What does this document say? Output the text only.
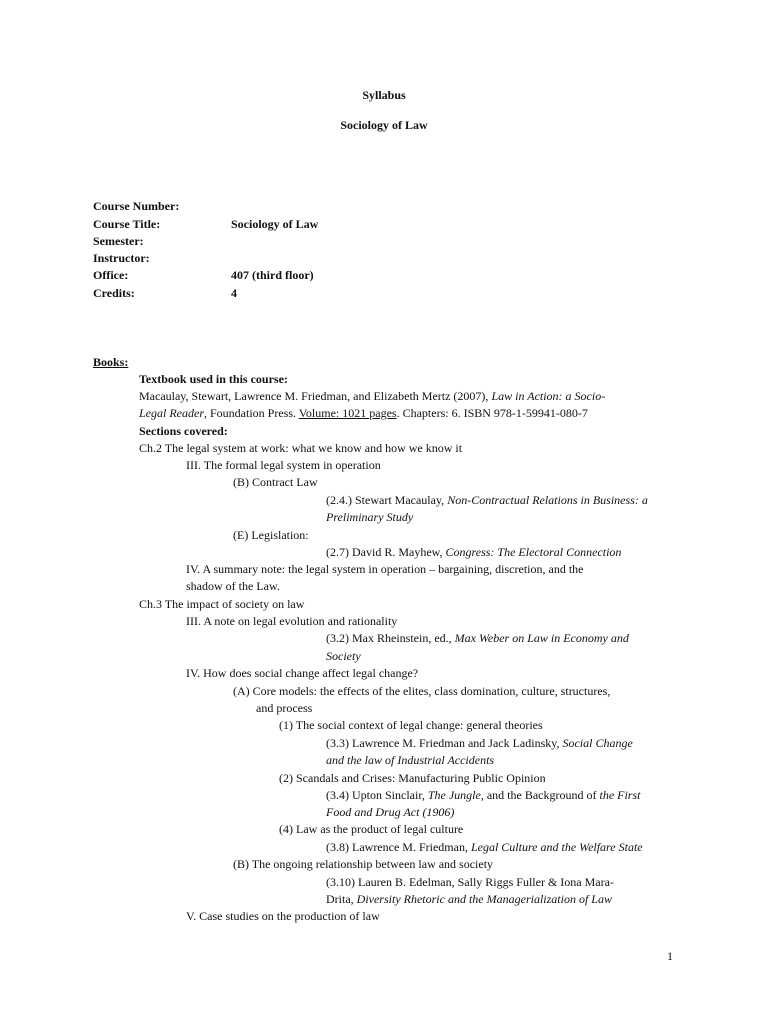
Syllabus
Sociology of Law
Course Number:
Course Title:	Sociology of Law
Semester:
Instructor:
Office:	407 (third floor)
Credits:	4
Books:
Textbook used in this course:
Macaulay, Stewart, Lawrence M. Friedman, and Elizabeth Mertz (2007), Law in Action: a Socio-
Legal Reader, Foundation Press. Volume: 1021 pages. Chapters: 6. ISBN 978-1-59941-080-7
Sections covered:
Ch.2 The legal system at work: what we know and how we know it
III. The formal legal system in operation
(B) Contract Law
(2.4.) Stewart Macaulay, Non-Contractual Relations in Business: a
Preliminary Study
(E) Legislation:
(2.7) David R. Mayhew, Congress: The Electoral Connection
IV. A summary note: the legal system in operation – bargaining, discretion, and the
shadow of the Law.
Ch.3 The impact of society on law
III. A note on legal evolution and rationality
(3.2) Max Rheinstein, ed., Max Weber on Law in Economy and
Society
IV. How does social change affect legal change?
(A) Core models: the effects of the elites, class domination, culture, structures,
and process
(1) The social context of legal change: general theories
(3.3) Lawrence M. Friedman and Jack Ladinsky, Social Change
and the law of Industrial Accidents
(2) Scandals and Crises: Manufacturing Public Opinion
(3.4) Upton Sinclair, The Jungle, and the Background of the First
Food and Drug Act (1906)
(4) Law as the product of legal culture
(3.8) Lawrence M. Friedman, Legal Culture and the Welfare State
(B) The ongoing relationship between law and society
(3.10) Lauren B. Edelman, Sally Riggs Fuller & Iona Mara-
Drita, Diversity Rhetoric and the Managerialization of Law
V. Case studies on the production of law
1
